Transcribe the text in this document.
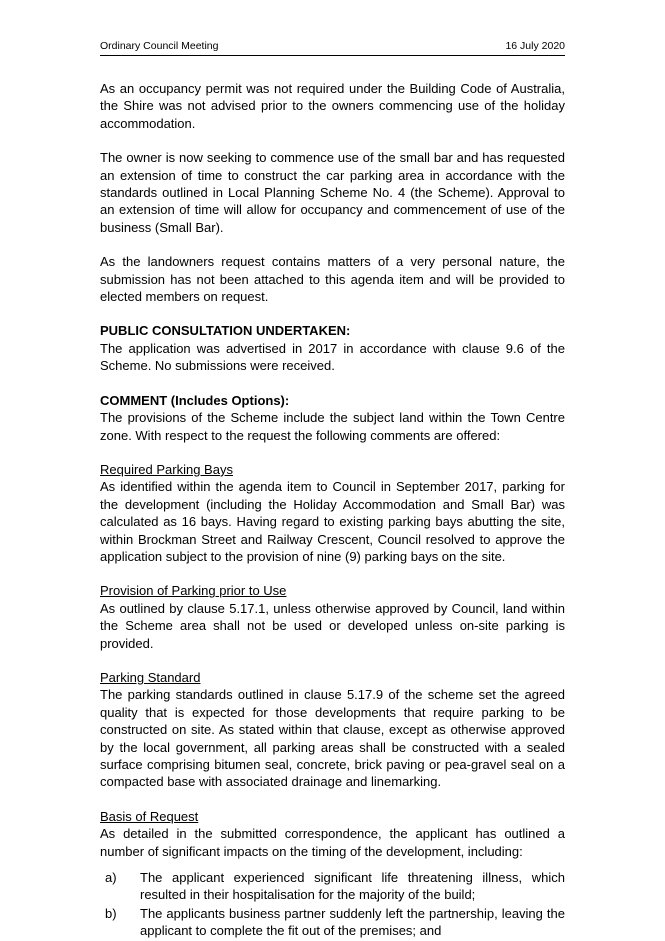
Ordinary Council Meeting	16 July 2020

As an occupancy permit was not required under the Building Code of Australia, the Shire was not advised prior to the owners commencing use of the holiday accommodation.

The owner is now seeking to commence use of the small bar and has requested an extension of time to construct the car parking area in accordance with the standards outlined in Local Planning Scheme No. 4 (the Scheme). Approval to an extension of time will allow for occupancy and commencement of use of the business (Small Bar).

As the landowners request contains matters of a very personal nature, the submission has not been attached to this agenda item and will be provided to elected members on request.

PUBLIC CONSULTATION UNDERTAKEN:

The application was advertised in 2017 in accordance with clause 9.6 of the Scheme. No submissions were received.

COMMENT (Includes Options):

The provisions of the Scheme include the subject land within the Town Centre zone. With respect to the request the following comments are offered:

Required Parking Bays

As identified within the agenda item to Council in September 2017, parking for the development (including the Holiday Accommodation and Small Bar) was calculated as 16 bays. Having regard to existing parking bays abutting the site, within Brockman Street and Railway Crescent, Council resolved to approve the application subject to the provision of nine (9) parking bays on the site.

Provision of Parking prior to Use

As outlined by clause 5.17.1, unless otherwise approved by Council, land within the Scheme area shall not be used or developed unless on-site parking is provided.

Parking Standard

The parking standards outlined in clause 5.17.9 of the scheme set the agreed quality that is expected for those developments that require parking to be constructed on site. As stated within that clause, except as otherwise approved by the local government, all parking areas shall be constructed with a sealed surface comprising bitumen seal, concrete, brick paving or pea-gravel seal on a compacted base with associated drainage and linemarking.

Basis of Request

As detailed in the submitted correspondence, the applicant has outlined a number of significant impacts on the timing of the development, including:

a) The applicant experienced significant life threatening illness, which resulted in their hospitalisation for the majority of the build;
b) The applicants business partner suddenly left the partnership, leaving the applicant to complete the fit out of the premises; and
